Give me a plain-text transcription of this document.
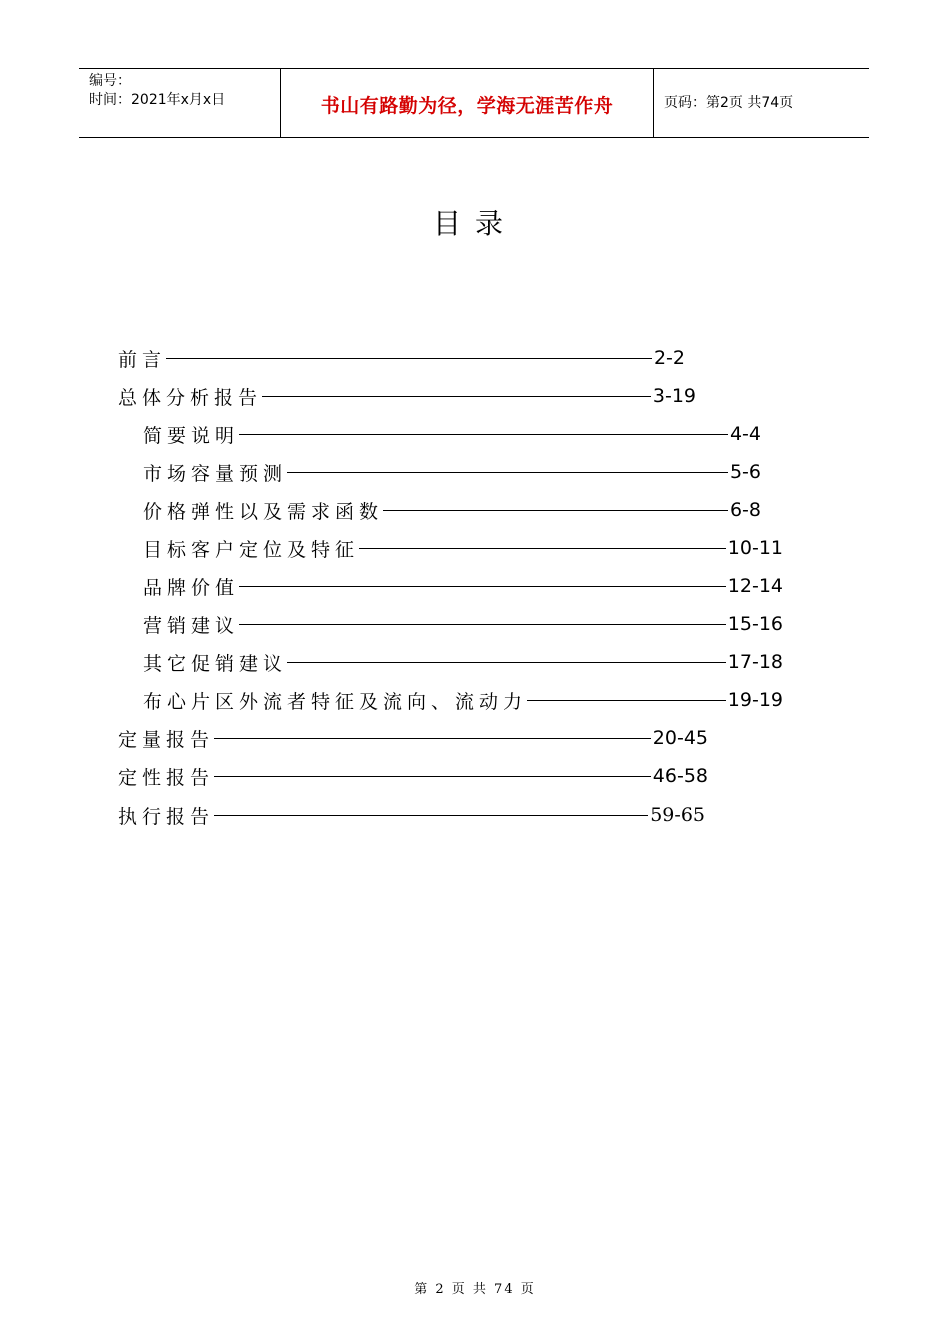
编号：
时间：2021年x月x日	书山有路勤为径，学海无涯苦作舟	页码：第2页 共74页
目录
前言	2-2
总体分析报告	3-19
简要说明	4-4
市场容量预测	5-6
价格弹性以及需求函数	6-8
目标客户定位及特征	10-11
品牌价值	12-14
营销建议	15-16
其它促销建议	17-18
布心片区外流者特征及流向、流动力	19-19
定量报告	20-45
定性报告	46-58
执行报告	59-65
第 2 页 共 74 页
